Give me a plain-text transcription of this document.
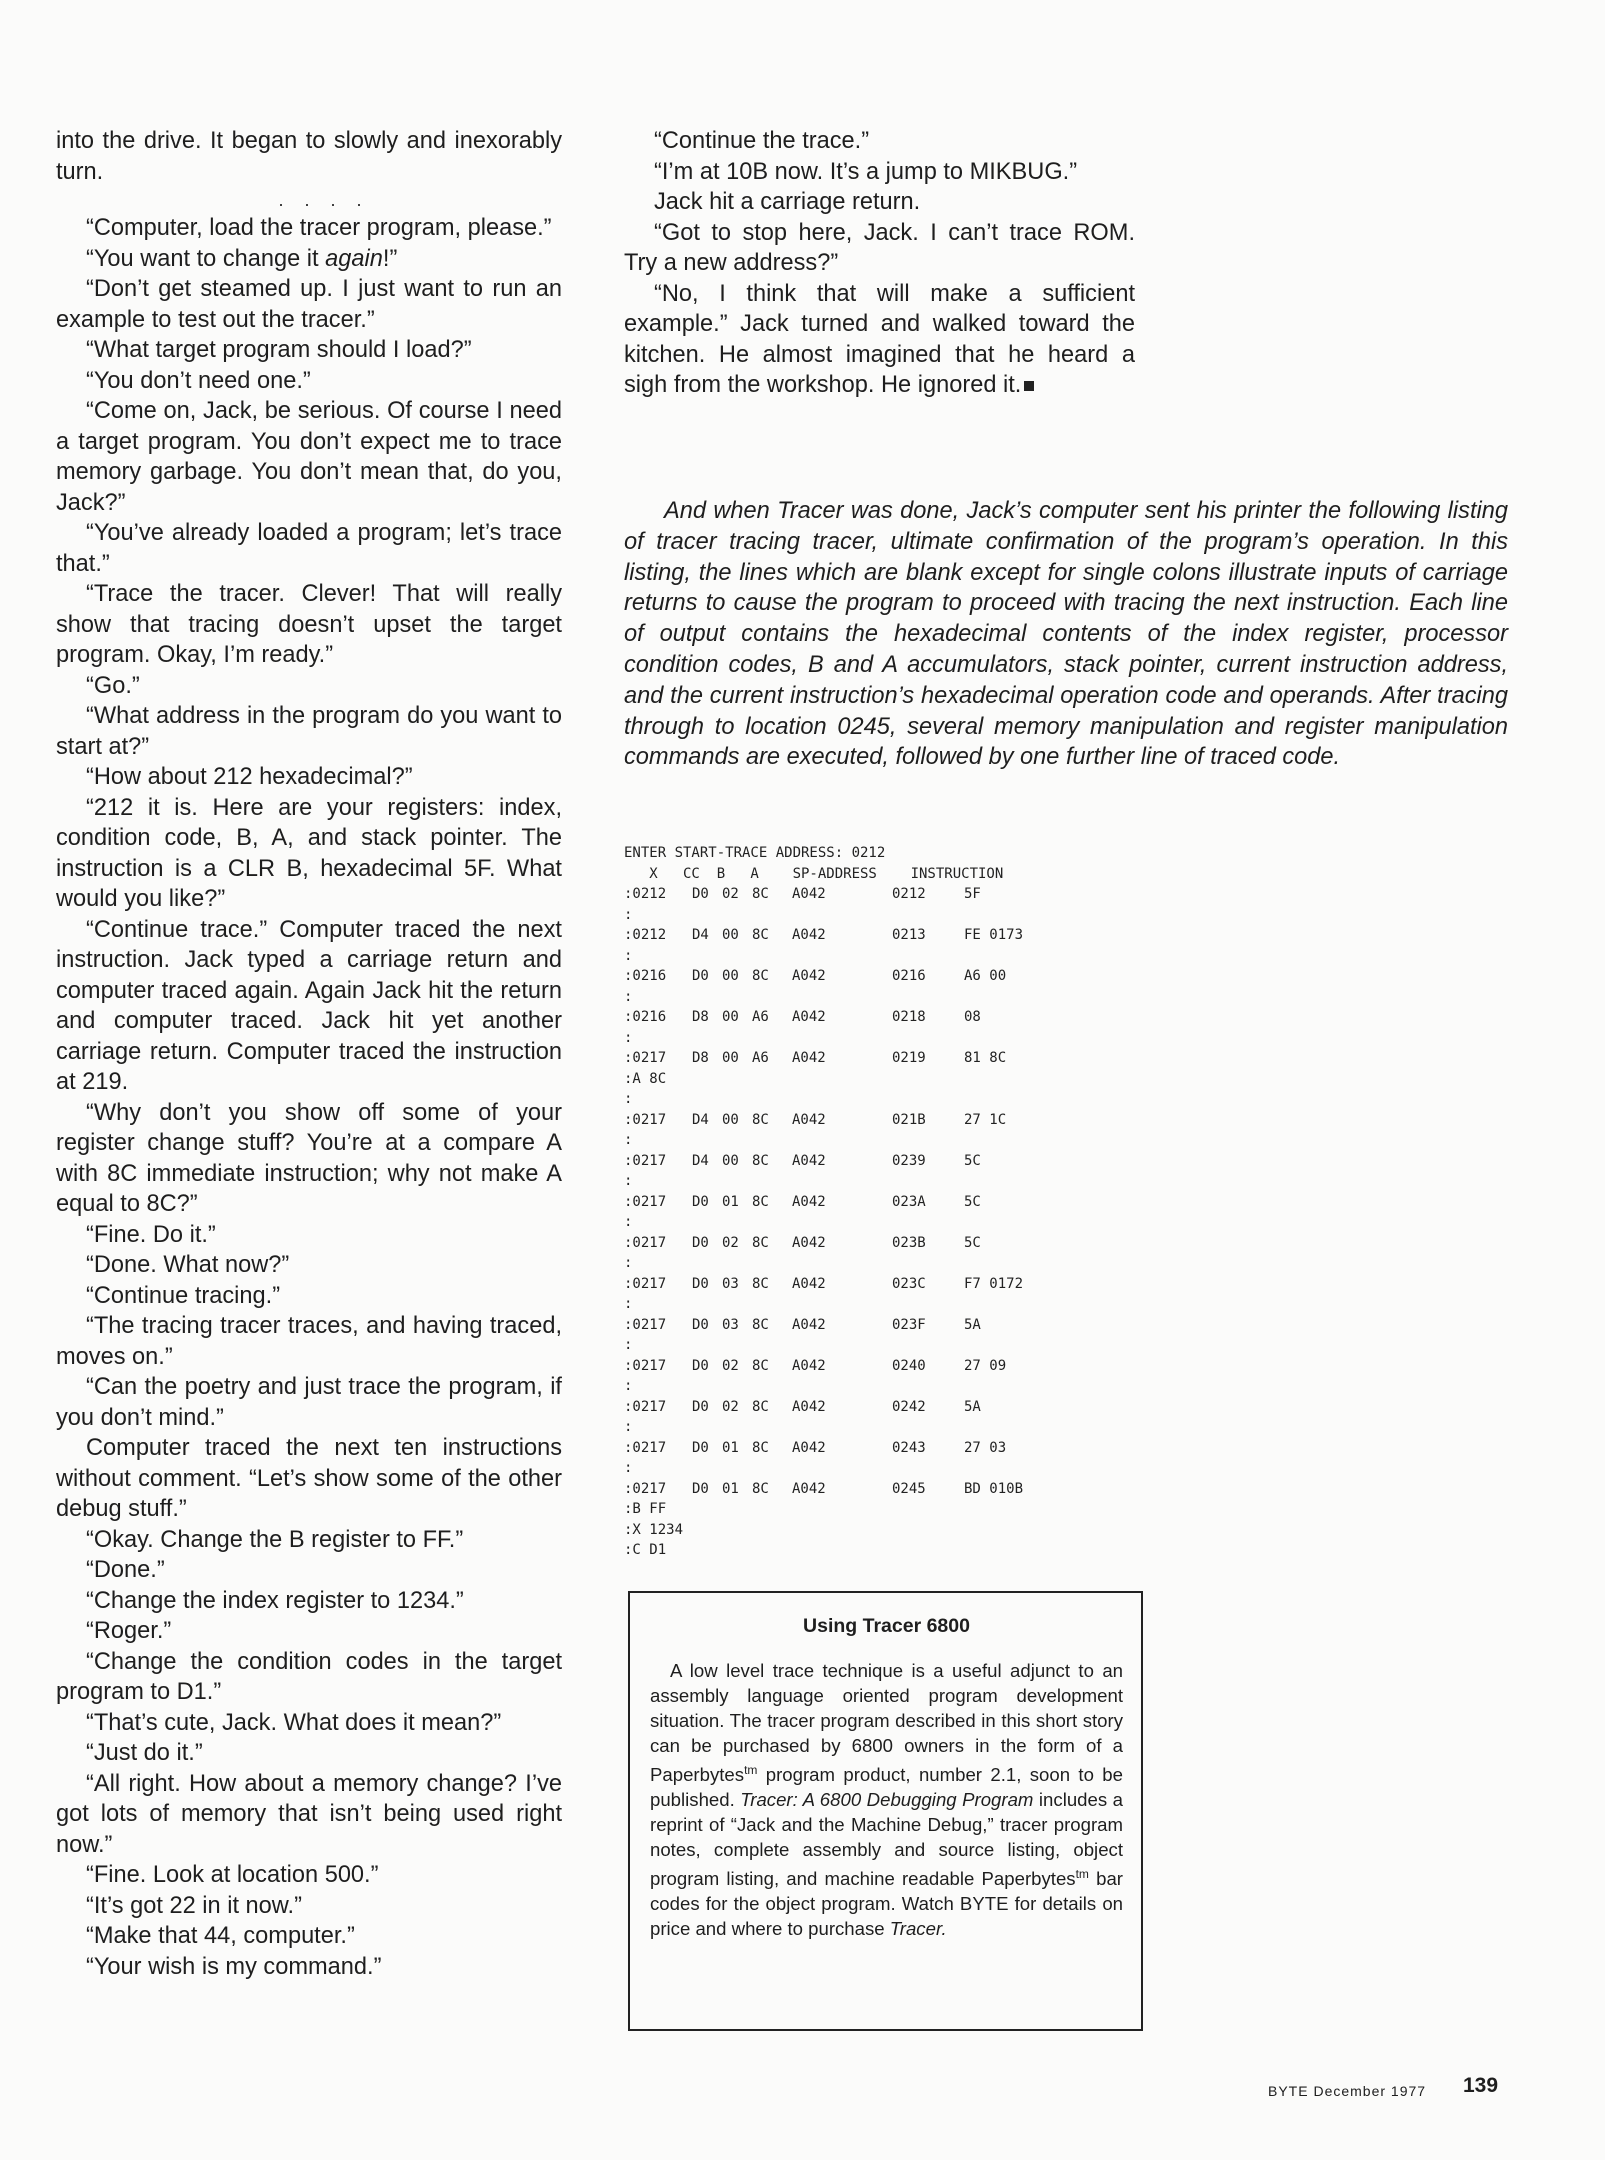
into the drive. It began to slowly and inexorably turn.

. . . .

“Computer, load the tracer program, please.”

“You want to change it again!”

“Don’t get steamed up. I just want to run an example to test out the tracer.”

“What target program should I load?”

“You don’t need one.”

“Come on, Jack, be serious. Of course I need a target program. You don’t expect me to trace memory garbage. You don’t mean that, do you, Jack?”

“You’ve already loaded a program; let’s trace that.”

“Trace the tracer. Clever! That will really show that tracing doesn’t upset the target program. Okay, I’m ready.”

“Go.”

“What address in the program do you want to start at?”

“How about 212 hexadecimal?”

“212 it is. Here are your registers: index, condition code, B, A, and stack pointer. The instruction is a CLR B, hexadecimal 5F. What would you like?”

“Continue trace.” Computer traced the next instruction. Jack typed a carriage return and computer traced again. Again Jack hit the return and computer traced. Jack hit yet another carriage return. Computer traced the instruction at 219.

“Why don’t you show off some of your register change stuff? You’re at a compare A with 8C immediate instruction; why not make A equal to 8C?”

“Fine. Do it.”

“Done. What now?”

“Continue tracing.”

“The tracing tracer traces, and having traced, moves on.”

“Can the poetry and just trace the program, if you don’t mind.”

Computer traced the next ten instructions without comment. “Let’s show some of the other debug stuff.”

“Okay. Change the B register to FF.”

“Done.”

“Change the index register to 1234.”

“Roger.”

“Change the condition codes in the target program to D1.”

“That’s cute, Jack. What does it mean?”

“Just do it.”

“All right. How about a memory change? I’ve got lots of memory that isn’t being used right now.”

“Fine. Look at location 500.”

“It’s got 22 in it now.”

“Make that 44, computer.”

“Your wish is my command.”

“Continue the trace.”

“I’m at 10B now. It’s a jump to MIKBUG.”

Jack hit a carriage return.

“Got to stop here, Jack. I can’t trace ROM. Try a new address?”

“No, I think that will make a sufficient example.” Jack turned and walked toward the kitchen. He almost imagined that he heard a sigh from the workshop. He ignored it.

And when Tracer was done, Jack’s computer sent his printer the following listing of tracer tracing tracer, ultimate confirmation of the program’s operation. In this listing, the lines which are blank except for single colons illustrate inputs of carriage returns to cause the program to proceed with tracing the next instruction. Each line of output contains the hexadecimal contents of the index register, processor condition codes, B and A accumulators, stack pointer, current instruction address, and the current instruction’s hexadecimal operation code and operands. After tracing through to location 0245, several memory manipulation and register manipulation commands are executed, followed by one further line of traced code.

ENTER START-TRACE ADDRESS: 0212
X   CC  B   A    SP-ADDRESS    INSTRUCTION
:0212	D0 02 8C	A042	0212	5F
:
:0212	D4 00 8C	A042	0213	FE 0173
:
:0216	D0 00 8C	A042	0216	A6 00
:
:0216	D8 00 A6	A042	0218	08
:
:0217	D8 00 A6	A042	0219	81 8C
:A 8C
:
:0217	D4 00 8C	A042	021B	27 1C
:
:0217	D4 00 8C	A042	0239	5C
:
:0217	D0 01 8C	A042	023A	5C
:
:0217	D0 02 8C	A042	023B	5C
:
:0217	D0 03 8C	A042	023C	F7 0172
:
:0217	D0 03 8C	A042	023F	5A
:
:0217	D0 02 8C	A042	0240	27 09
:
:0217	D0 02 8C	A042	0242	5A
:
:0217	D0 01 8C	A042	0243	27 03
:
:0217	D0 01 8C	A042	0245	BD 010B
:B FF
:X 1234
:C D1
Using Tracer 6800

A low level trace technique is a useful adjunct to an assembly language oriented program development situation. The tracer program described in this short story can be purchased by 6800 owners in the form of a Paperbytes$^{tm}$ program product, number 2.1, soon to be published. Tracer: A 6800 Debugging Program includes a reprint of “Jack and the Machine Debug,” tracer program notes, complete assembly and source listing, object program listing, and machine readable Paperbytes$^{tm}$ bar codes for the object program. Watch BYTE for details on price and where to purchase Tracer.

BYTE December 1977 139
